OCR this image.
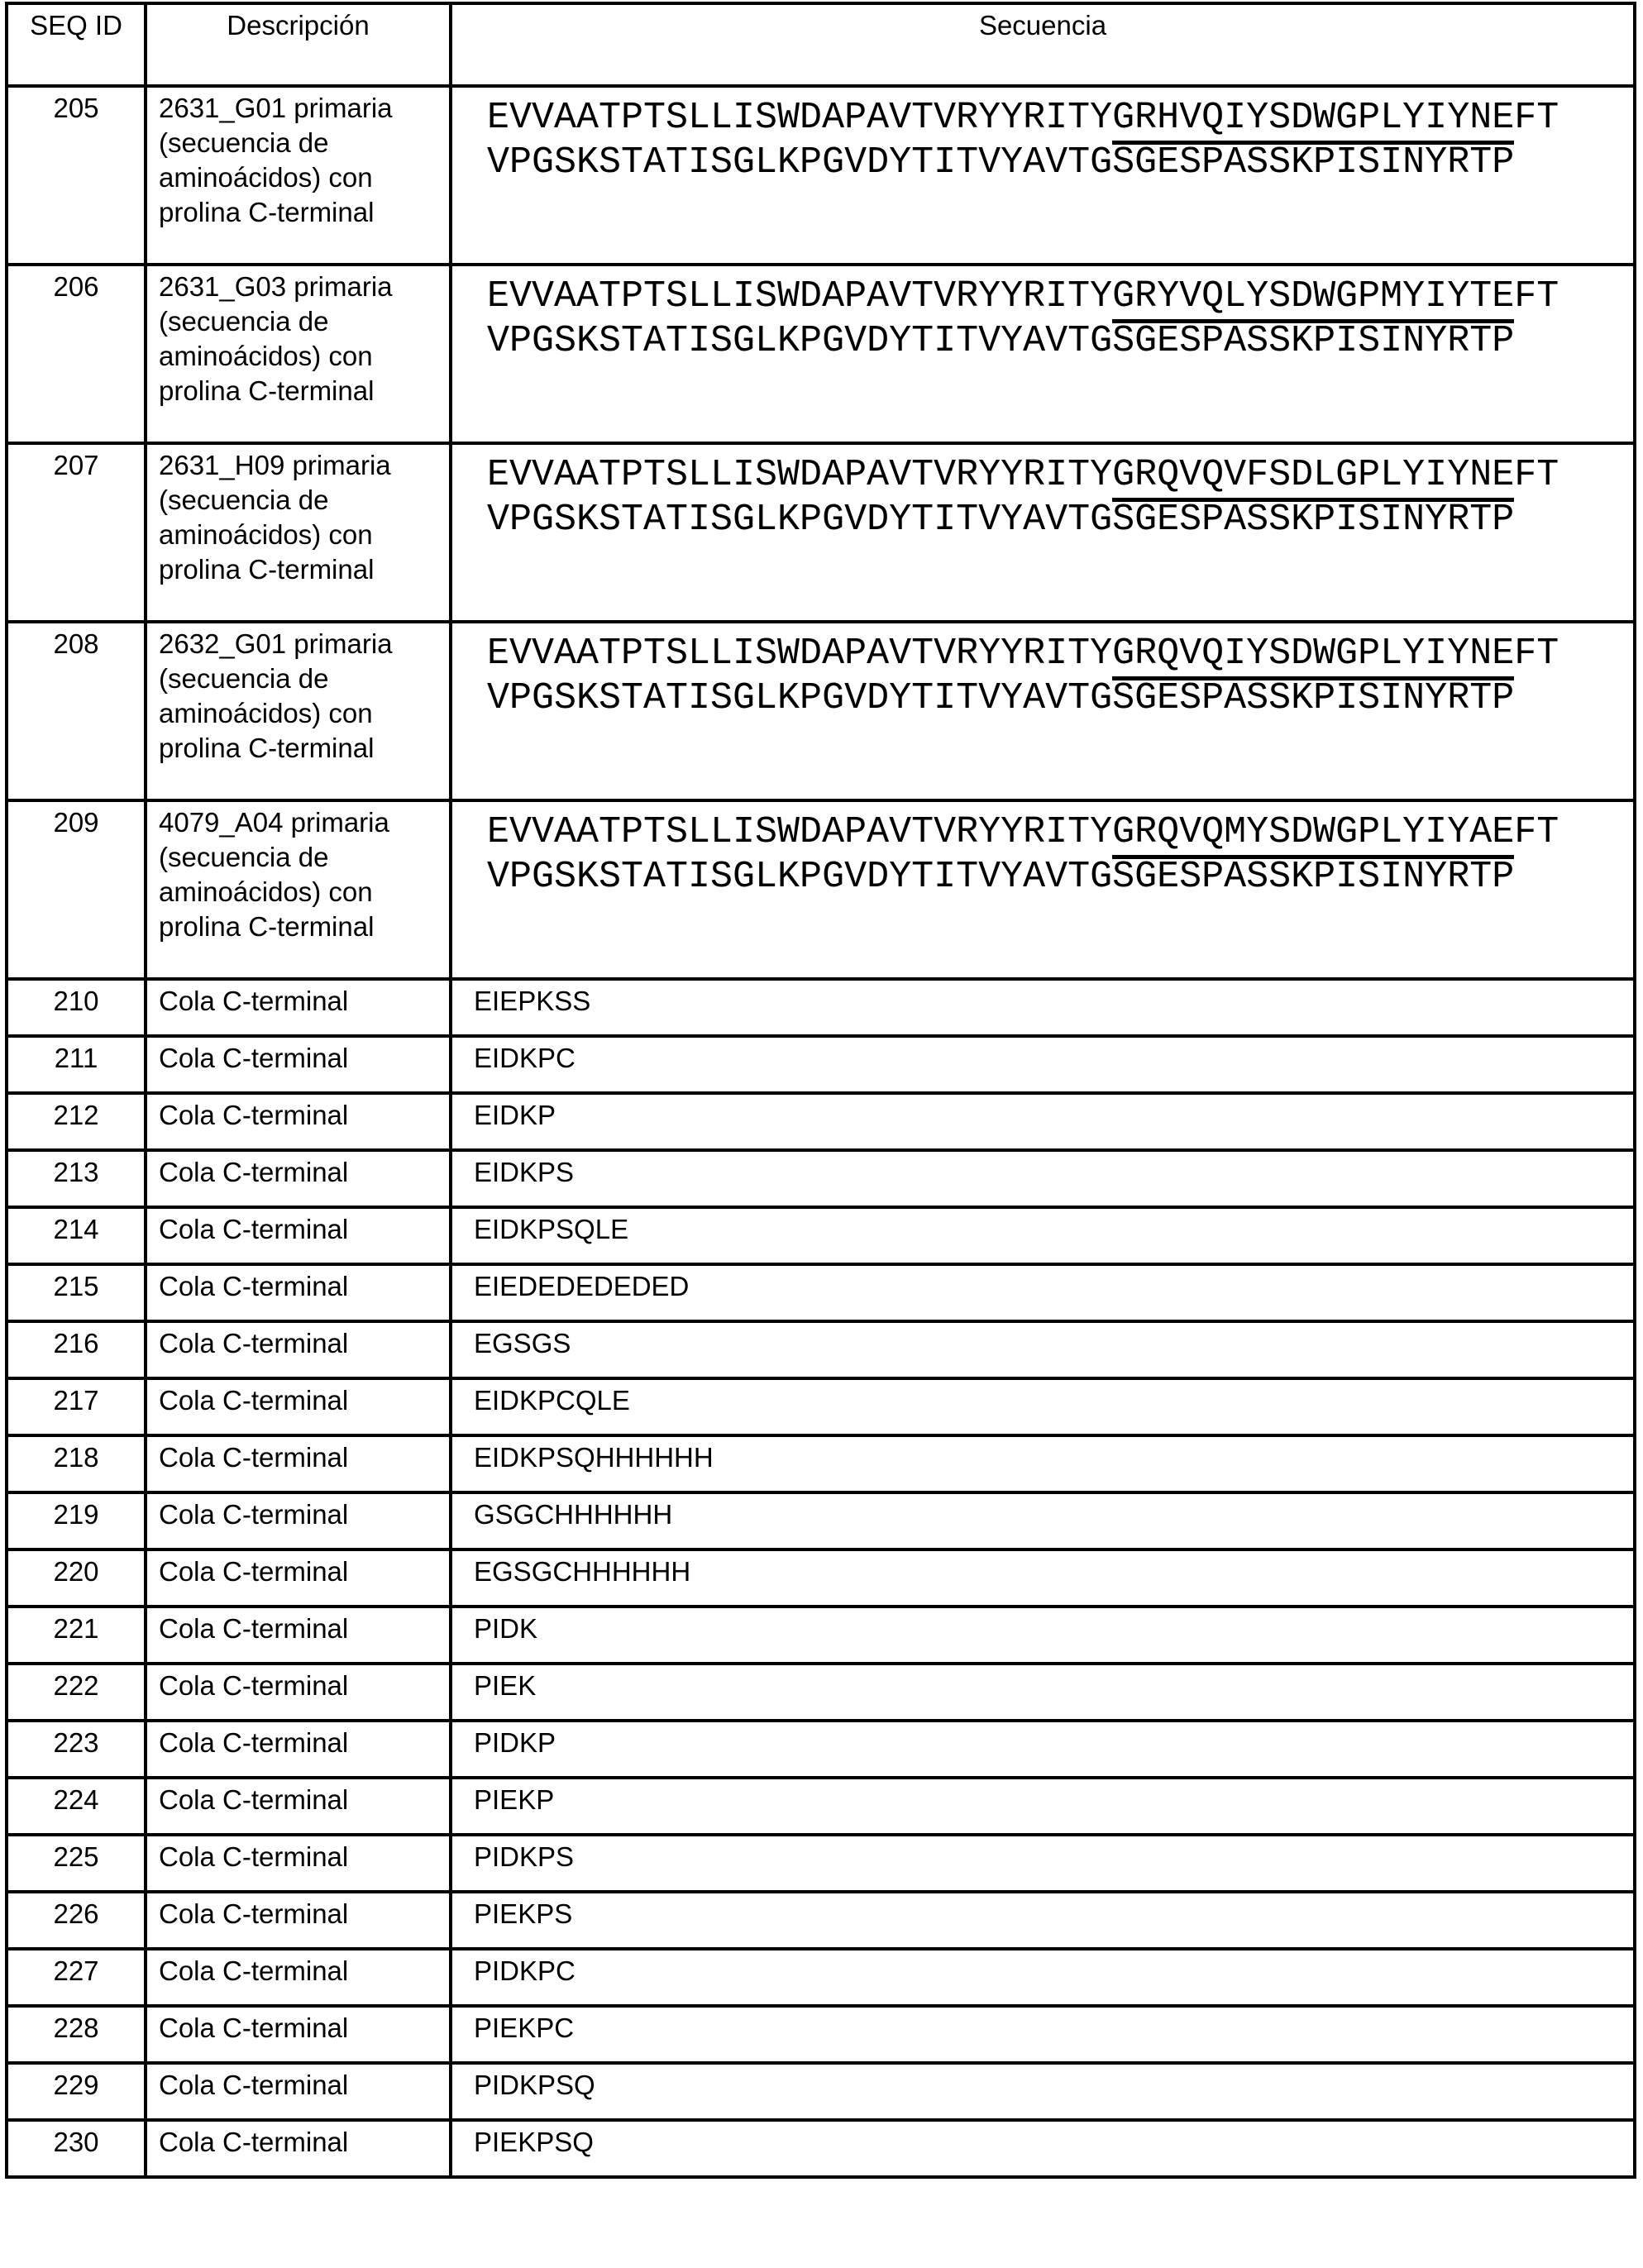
SEQ ID	Descripción	Secuencia
205	2631_G01 primaria (secuencia de aminoácidos) con prolina C-terminal	EVVAATPTSLLISWDAPAVTVRYYRITYGRHVQIYSDWGPLYIYNEFT
VPGSKSTATISGLKPGVDYTITVYAVTGSGESPASSKPISINYRTP

206	2631_G03 primaria (secuencia de aminoácidos) con prolina C-terminal	EVVAATPTSLLISWDAPAVTVRYYRITYGRYVQLYSDWGPMYIYTEFT
VPGSKSTATISGLKPGVDYTITVYAVTGSGESPASSKPISINYRTP

207	2631_H09 primaria (secuencia de aminoácidos) con prolina C-terminal	EVVAATPTSLLISWDAPAVTVRYYRITYGRQVQVFSDLGPLYIYNEFT
VPGSKSTATISGLKPGVDYTITVYAVTGSGESPASSKPISINYRTP

208	2632_G01 primaria (secuencia de aminoácidos) con prolina C-terminal	EVVAATPTSLLISWDAPAVTVRYYRITYGRQVQIYSDWGPLYIYNEFT
VPGSKSTATISGLKPGVDYTITVYAVTGSGESPASSKPISINYRTP

209	4079_A04 primaria (secuencia de aminoácidos) con prolina C-terminal	EVVAATPTSLLISWDAPAVTVRYYRITYGRQVQMYSDWGPLYIYAEFT
VPGSKSTATISGLKPGVDYTITVYAVTGSGESPASSKPISINYRTP

210	Cola C-terminal	EIEPKSS
211	Cola C-terminal	EIDKPC
212	Cola C-terminal	EIDKP
213	Cola C-terminal	EIDKPS
214	Cola C-terminal	EIDKPSQLE
215	Cola C-terminal	EIEDEDEDEDED
216	Cola C-terminal	EGSGS
217	Cola C-terminal	EIDKPCQLE
218	Cola C-terminal	EIDKPSQHHHHHH
219	Cola C-terminal	GSGCHHHHHH
220	Cola C-terminal	EGSGCHHHHHH
221	Cola C-terminal	PIDK
222	Cola C-terminal	PIEK
223	Cola C-terminal	PIDKP
224	Cola C-terminal	PIEKP
225	Cola C-terminal	PIDKPS
226	Cola C-terminal	PIEKPS
227	Cola C-terminal	PIDKPC
228	Cola C-terminal	PIEKPC
229	Cola C-terminal	PIDKPSQ
230	Cola C-terminal	PIEKPSQ
